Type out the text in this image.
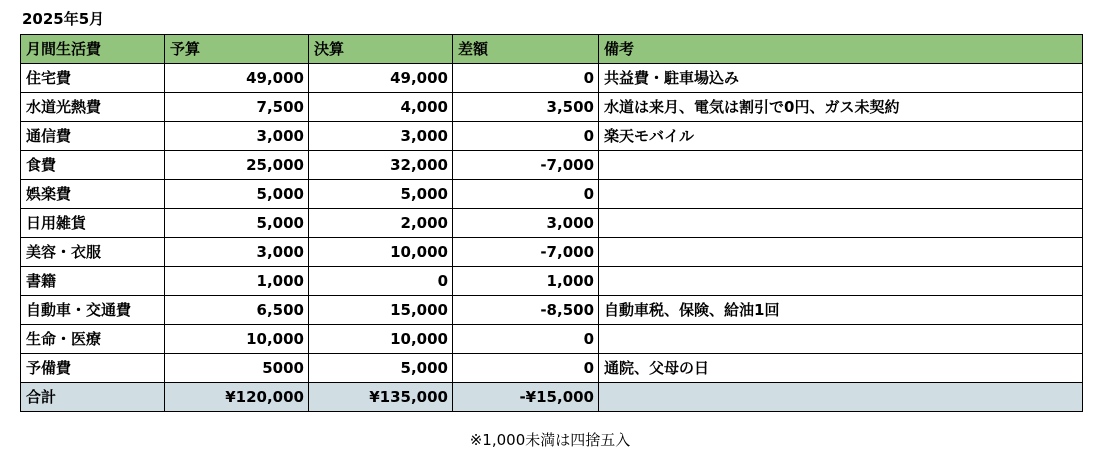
2025年5月
月間生活費	予算	決算	差額	備考
住宅費	49,000	49,000	0	共益費・駐車場込み
水道光熱費	7,500	4,000	3,500	水道は来月、電気は割引で0円、ガス未契約
通信費	3,000	3,000	0	楽天モバイル
食費	25,000	32,000	-7,000	
娯楽費	5,000	5,000	0	
日用雑貨	5,000	2,000	3,000	
美容・衣服	3,000	10,000	-7,000	
書籍	1,000	0	1,000	
自動車・交通費	6,500	15,000	-8,500	自動車税、保険、給油1回
生命・医療	10,000	10,000	0	
予備費	5000	5,000	0	通院、父母の日
合計	¥120,000	¥135,000	-¥15,000	
※1,000未満は四捨五入
